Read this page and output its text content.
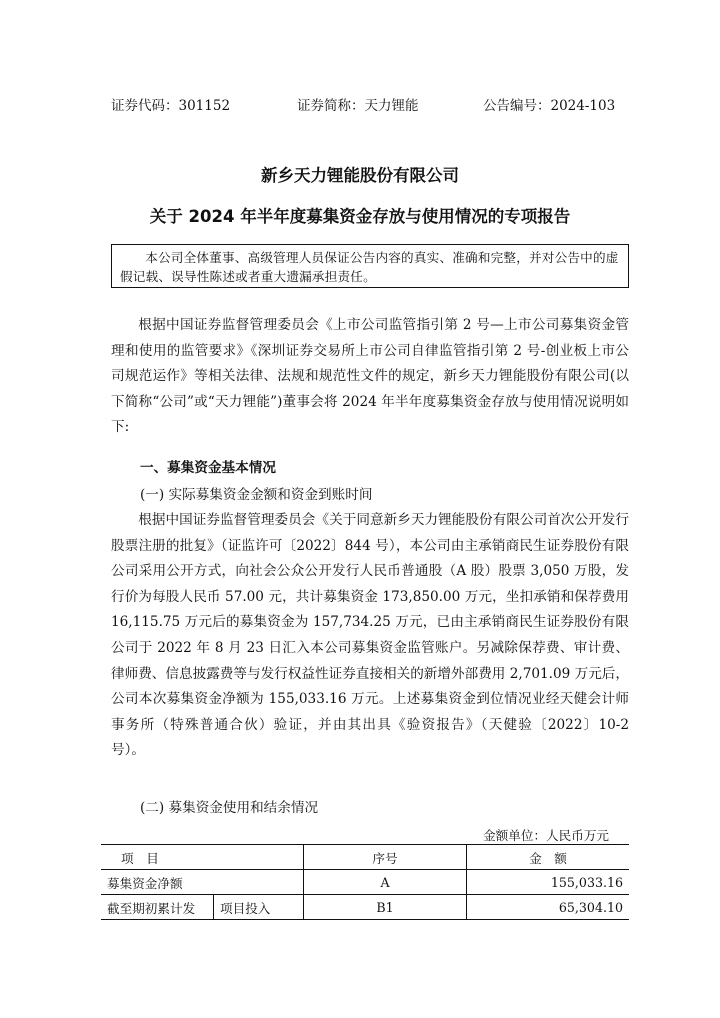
证券代码：301152	证券简称：天力锂能	公告编号：2024-103
新乡天力锂能股份有限公司
关于 2024 年半年度募集资金存放与使用情况的专项报告
本公司全体董事、高级管理人员保证公告内容的真实、准确和完整，并对公告中的虚假记载、误导性陈述或者重大遗漏承担责任。

根据中国证券监督管理委员会《上市公司监管指引第 2 号—上市公司募集资金管理和使用的监管要求》《深圳证券交易所上市公司自律监管指引第 2 号-创业板上市公司规范运作》等相关法律、法规和规范性文件的规定，新乡天力锂能股份有限公司(以下简称“公司”或“天力锂能”)董事会将 2024 年半年度募集资金存放与使用情况说明如下:

一、募集资金基本情况
(一) 实际募集资金金额和资金到账时间

根据中国证券监督管理委员会《关于同意新乡天力锂能股份有限公司首次公开发行股票注册的批复》（证监许可〔2022〕844 号），本公司由主承销商民生证券股份有限公司采用公开方式，向社会公众公开发行人民币普通股（A 股）股票 3,050 万股，发行价为每股人民币 57.00 元，共计募集资金 173,850.00 万元，坐扣承销和保荐费用 16,115.75 万元后的募集资金为 157,734.25 万元，已由主承销商民生证券股份有限公司于 2022 年 8 月 23 日汇入本公司募集资金监管账户。另减除保荐费、审计费、律师费、信息披露费等与发行权益性证券直接相关的新增外部费用 2,701.09 万元后，公司本次募集资金净额为 155,033.16 万元。上述募集资金到位情况业经天健会计师事务所（特殊普通合伙）验证，并由其出具《验资报告》（天健验〔2022〕10-2 号）。

(二) 募集资金使用和结余情况
金额单位：人民币万元
项　目		序号	金　额
募集资金净额		A	155,033.16
截至期初累计发	项目投入	B1	65,304.10
